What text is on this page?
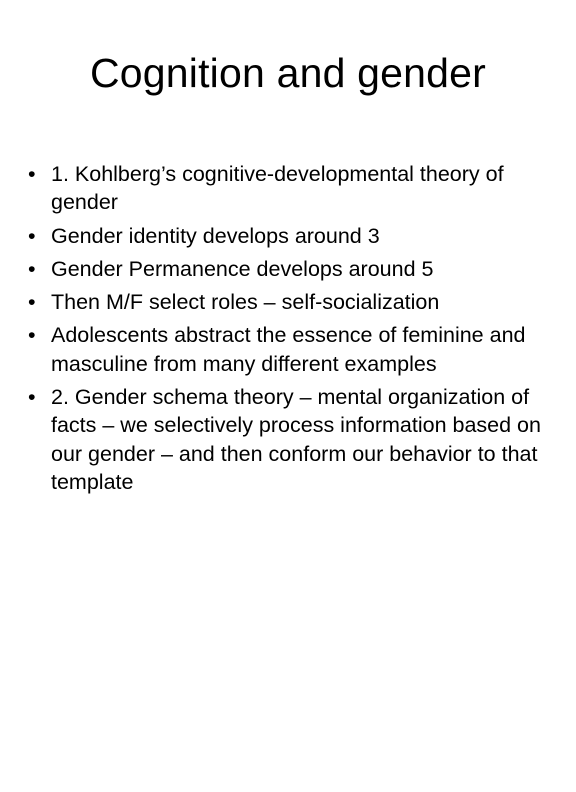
Cognition and gender
• 1. Kohlberg’s cognitive-developmental theory of gender
• Gender identity develops around 3
• Gender Permanence develops around 5
• Then M/F select roles – self-socialization
• Adolescents abstract the essence of feminine and masculine from many different examples
• 2. Gender schema theory – mental organization of facts – we selectively process information based on our gender – and then conform our behavior to that template
